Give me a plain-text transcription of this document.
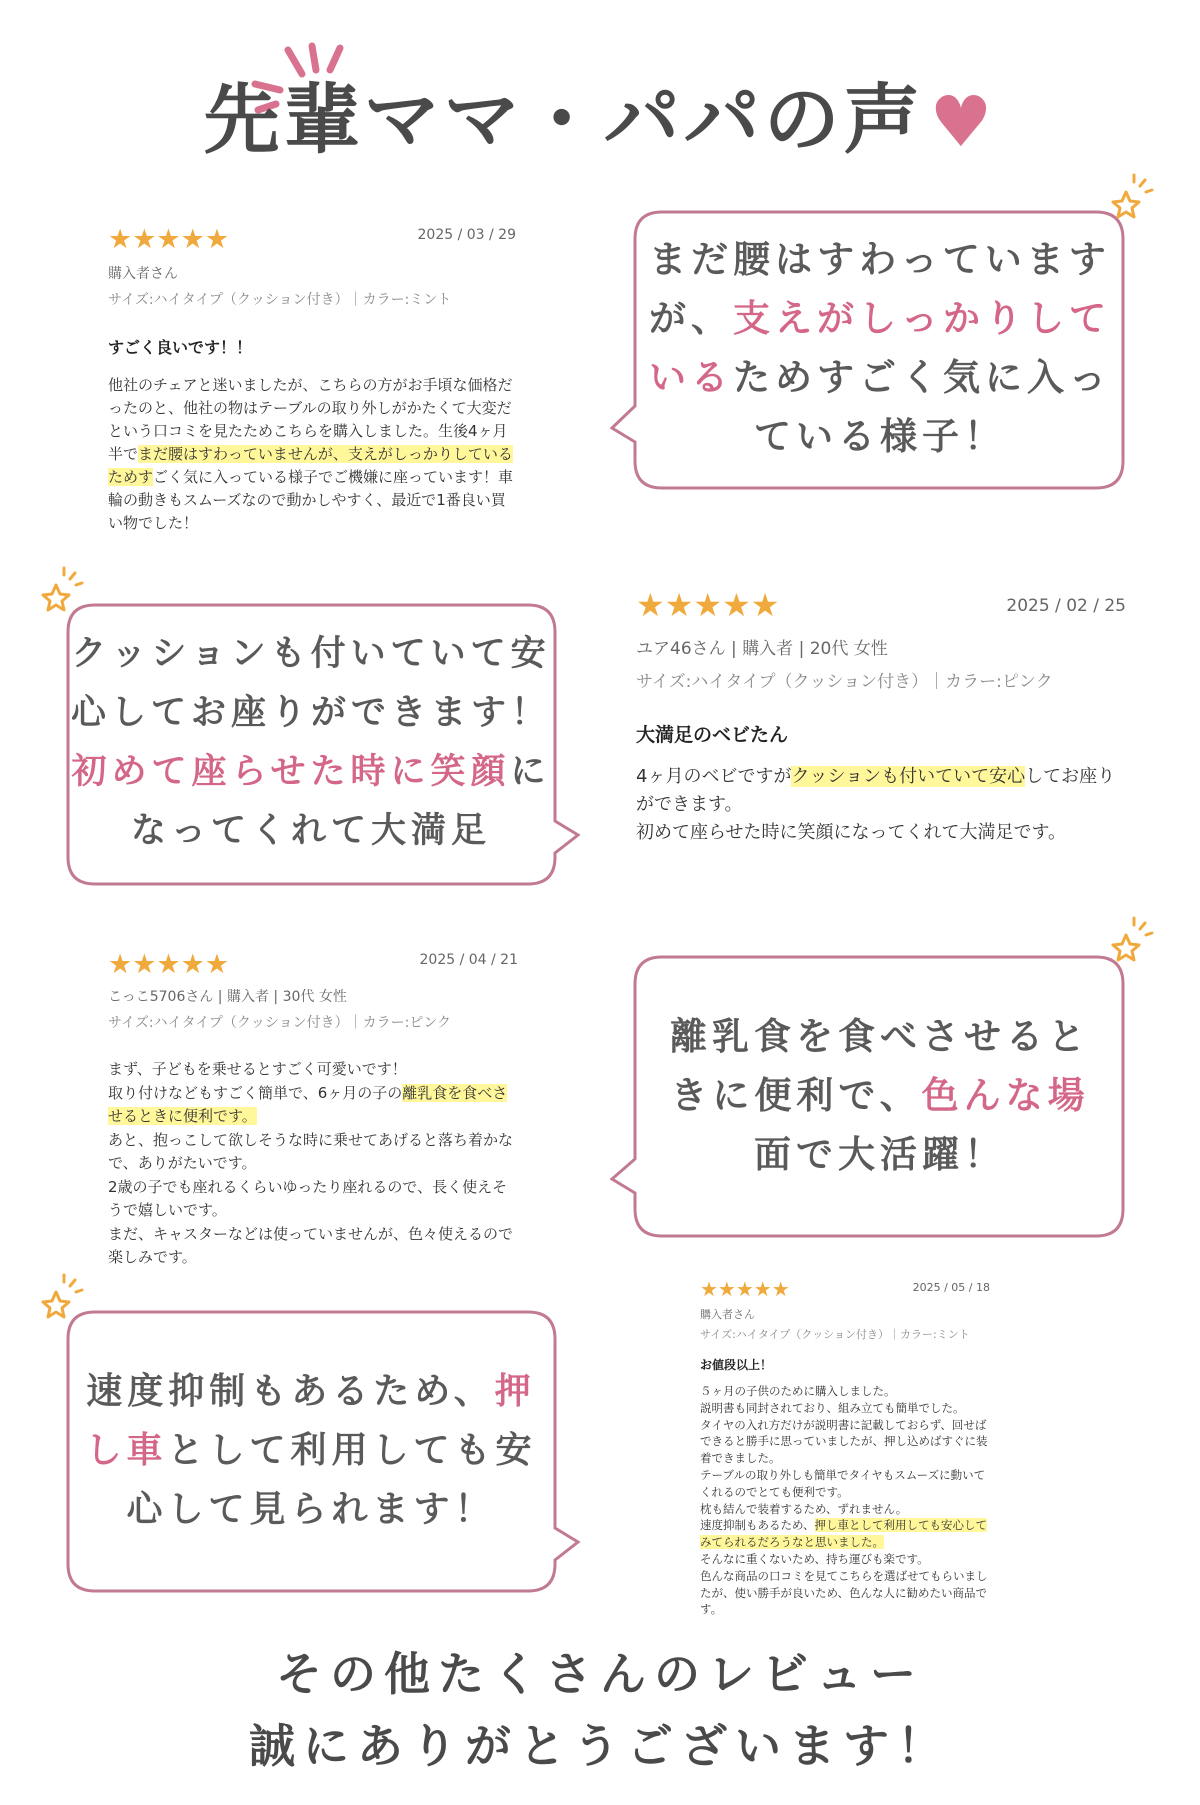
先輩ママ・パパの声♥
★★★★★	2025 / 03 / 29
購入者さん
サイズ:ハイタイプ（クッション付き）｜カラー:ミント
すごく良いです！！
他社のチェアと迷いましたが、こちらの方がお手頃な価格だったのと、他社の物はテーブルの取り外しがかたくて大変だという口コミを見たためこちらを購入しました。生後4ヶ月半でまだ腰はすわっていませんが、支えがしっかりしているためすごく気に入っている様子でご機嫌に座っています！車輪の動きもスムーズなので動かしやすく、最近で1番良い買い物でした！
まだ腰はすわっています
が、支えがしっかりして
いるためすごく気に入っ
ている様子！
クッションも付いていて安
心してお座りができます！
初めて座らせた時に笑顔に
なってくれて大満足
★★★★★	2025 / 02 / 25
ユア46さん | 購入者 | 20代 女性
サイズ:ハイタイプ（クッション付き）｜カラー:ピンク
大満足のベビたん
4ヶ月のベビですがクッションも付いていて安心してお座りができます。
初めて座らせた時に笑顔になってくれて大満足です。
★★★★★	2025 / 04 / 21
こっこ5706さん | 購入者 | 30代 女性
サイズ:ハイタイプ（クッション付き）｜カラー:ピンク
まず、子どもを乗せるとすごく可愛いです！
取り付けなどもすごく簡単で、6ヶ月の子の離乳食を食べさせるときに便利です。
あと、抱っこして欲しそうな時に乗せてあげると落ち着かなで、ありがたいです。
2歳の子でも座れるくらいゆったり座れるので、長く使えそうで嬉しいです。
まだ、キャスターなどは使っていませんが、色々使えるので楽しみです。
離乳食を食べさせると
きに便利で、色んな場
面で大活躍！
速度抑制もあるため、押
し車として利用しても安
心して見られます！
★★★★★	2025 / 05 / 18
購入者さん
サイズ:ハイタイプ（クッション付き）｜カラー:ミント
お値段以上！
５ヶ月の子供のために購入しました。
説明書も同封されており、組み立ても簡単でした。
タイヤの入れ方だけが説明書に記載しておらず、回せばできると勝手に思っていましたが、押し込めばすぐに装着できました。
テーブルの取り外しも簡単でタイヤもスムーズに動いてくれるのでとても便利です。
枕も結んで装着するため、ずれません。
速度抑制もあるため、押し車として利用しても安心してみてられるだろうなと思いました。
そんなに重くないため、持ち運びも楽です。
色んな商品の口コミを見てこちらを選ばせてもらいましたが、使い勝手が良いため、色んな人に勧めたい商品です。
その他たくさんのレビュー
誠にありがとうございます！
